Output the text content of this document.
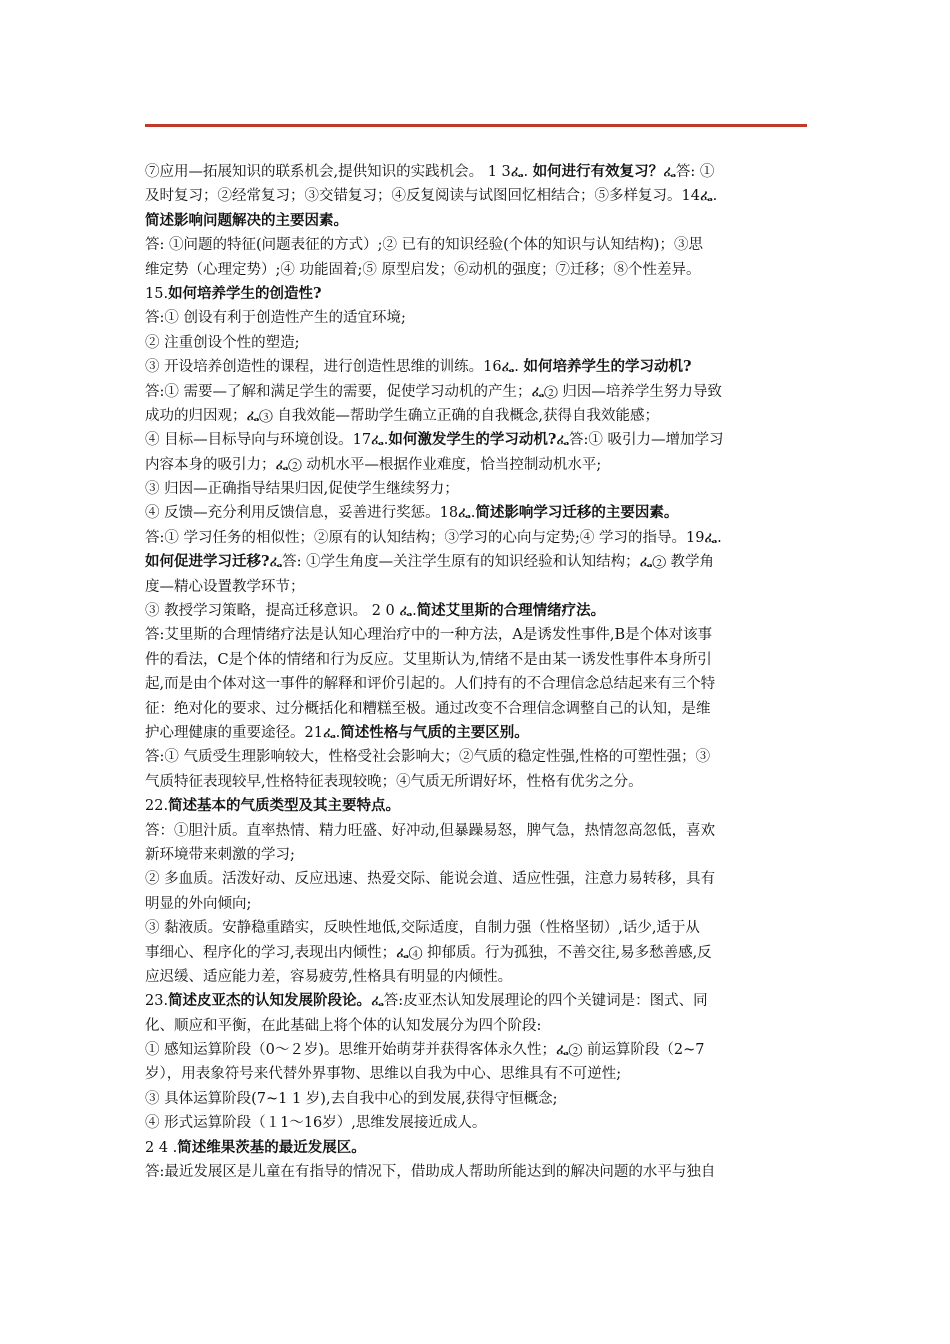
⑦应用—拓展知识的联系机会,提供知识的实践机会。 1 3ፌ. 如何进行有效复习？ፌ答: ①
及时复习；②经常复习；③交错复习；④反复阅读与试图回忆相结合；⑤多样复习。14ፌ.
简述影响问题解决的主要因素。
答: ①问题的特征(问题表征的方式）;② 已有的知识经验(个体的知识与认知结构)；③思
维定势（心理定势）;④ 功能固着;⑤ 原型启发；⑥动机的强度；⑦迁移；⑧个性差异。
15.如何培养学生的创造性?
答:① 创设有利于创造性产生的适宜环境;
② 注重创设个性的塑造;
③ 开设培养创造性的课程，进行创造性思维的训练。16ፌ. 如何培养学生的学习动机?
答:① 需要—了解和满足学生的需要，促使学习动机的产生；ፌ② 归因—培养学生努力导致
成功的归因观；ፌ③ 自我效能—帮助学生确立正确的自我概念,获得自我效能感；
④ 目标—目标导向与环境创设。17ፌ.如何激发学生的学习动机?ፌ答:① 吸引力—增加学习
内容本身的吸引力；ፌ② 动机水平—根据作业难度，恰当控制动机水平;
③ 归因—正确指导结果归因,促使学生继续努力；
④ 反馈—充分利用反馈信息，妥善进行奖惩。18ፌ.简述影响学习迁移的主要因素。
答:① 学习任务的相似性；②原有的认知结构；③学习的心向与定势;④ 学习的指导。19ፌ.
如何促进学习迁移?ፌ答: ①学生角度—关注学生原有的知识经验和认知结构；ፌ② 教学角
度—精心设置教学环节；
③ 教授学习策略，提高迁移意识。 2 0 ፌ.简述艾里斯的合理情绪疗法。
答:艾里斯的合理情绪疗法是认知心理治疗中的一种方法，A是诱发性事件,B是个体对该事
件的看法，C是个体的情绪和行为反应。艾里斯认为,情绪不是由某一诱发性事件本身所引
起,而是由个体对这一事件的解释和评价引起的。人们持有的不合理信念总结起来有三个特
征：绝对化的要求、过分概括化和糟糕至极。通过改变不合理信念调整自己的认知，是维
护心理健康的重要途径。21ፌ.简述性格与气质的主要区别。
答:① 气质受生理影响较大，性格受社会影响大；②气质的稳定性强,性格的可塑性强；③
气质特征表现较早,性格特征表现较晚；④气质无所谓好坏，性格有优劣之分。
22.简述基本的气质类型及其主要特点。
答：①胆汁质。直率热情、精力旺盛、好冲动,但暴躁易怒，脾气急，热情忽高忽低，喜欢
新环境带来刺激的学习;
② 多血质。活泼好动、反应迅速、热爱交际、能说会道、适应性强，注意力易转移，具有
明显的外向倾向;
③ 黏液质。安静稳重踏实，反映性地低,交际适度，自制力强（性格坚韧）,话少,适于从
事细心、程序化的学习,表现出内倾性；ፌ④ 抑郁质。行为孤独，不善交往,易多愁善感,反
应迟缓、适应能力差，容易疲劳,性格具有明显的内倾性。
23.简述皮亚杰的认知发展阶段论。ፌ答:皮亚杰认知发展理论的四个关键词是：图式、同
化、顺应和平衡，在此基础上将个体的认知发展分为四个阶段:
① 感知运算阶段（0～２岁)。思维开始萌芽并获得客体永久性；ፌ② 前运算阶段（2~7
岁），用表象符号来代替外界事物、思维以自我为中心、思维具有不可逆性;
③ 具体运算阶段(7~1 1 岁),去自我中心的到发展,获得守恒概念;
④ 形式运算阶段（１1～16岁）,思维发展接近成人。
2 4 .简述维果茨基的最近发展区。
答:最近发展区是儿童在有指导的情况下，借助成人帮助所能达到的解决问题的水平与独自
